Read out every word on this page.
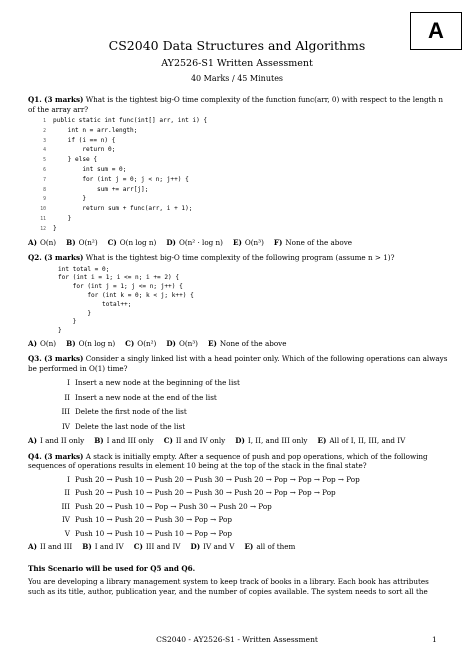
A
CS2040 Data Structures and Algorithms
AY2526-S1 Written Assessment
40 Marks / 45 Minutes

Q1. (3 marks) What is the tightest big-O time complexity of the function func(arr, 0) with respect to the length n of the array arr?

1 public static int func(int[] arr, int i) {
2    int n = arr.length;
3    if (i == n) {
4        return 0;
5    } else {
6        int sum = 0;
7        for (int j = 0; j < n; j++) {
8            sum += arr[j];
9        }
10        return sum + func(arr, i + 1);
11    }
12 }
A) O(n) B) O(n²) C) O(n log n) D) O(n² · log n) E) O(n³) F) None of the above

Q2. (3 marks) What is the tightest big-O time complexity of the following program (assume n > 1)?

int total = 0;
for (int i = 1; i <= n; i += 2) {
for (int j = 1; j <= n; j++) {
for (int k = 0; k < j; k++) {
total++;
}
}
}
A) O(n) B) O(n log n) C) O(n²) D) O(n³) E) None of the above

Q3. (3 marks) Consider a singly linked list with a head pointer only. Which of the following operations can always be performed in O(1) time?

I Insert a new node at the beginning of the list
II Insert a new node at the end of the list
III Delete the first node of the list
IV Delete the last node of the list
A) I and II only B) I and III only C) II and IV only D) I, II, and III only E) All of I, II, III, and IV

Q4. (3 marks) A stack is initially empty. After a sequence of push and pop operations, which of the following sequences of operations results in element 10 being at the top of the stack in the final state?

I Push 20 → Push 10 → Push 20 → Push 30 → Push 20 → Pop → Pop → Pop → Pop
II Push 20 → Push 10 → Push 20 → Push 30 → Push 20 → Pop → Pop → Pop
III Push 20 → Push 10 → Pop → Push 30 → Push 20 → Pop
IV Push 10 → Push 20 → Push 30 → Pop → Pop
V Push 10 → Push 10 → Push 10 → Pop → Pop
A) II and III B) I and IV C) III and IV D) IV and V E) all of them
This Scenario will be used for Q5 and Q6.
You are developing a library management system to keep track of books in a library. Each book has attributes such as its title, author, publication year, and the number of copies available. The system needs to sort all the
CS2040 - AY2526-S1 - Written Assessment	1
